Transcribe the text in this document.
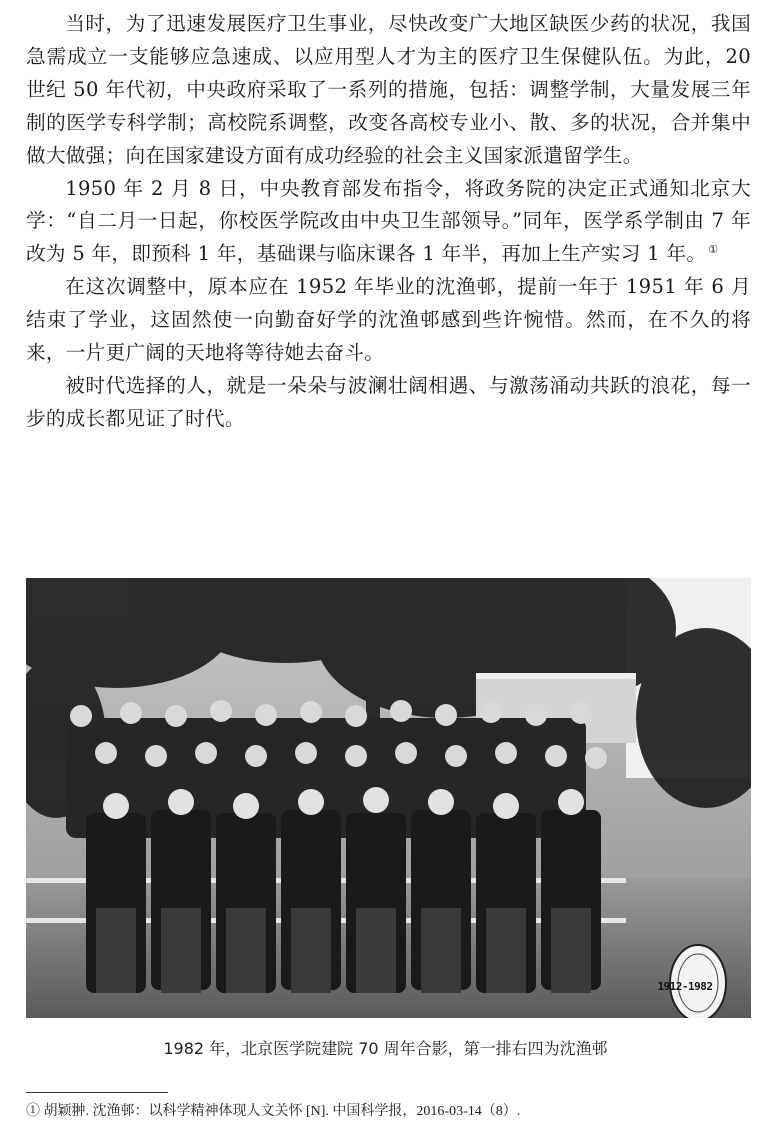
当时，为了迅速发展医疗卫生事业，尽快改变广大地区缺医少药的状况，我国急需成立一支能够应急速成、以应用型人才为主的医疗卫生保健队伍。为此，20 世纪 50 年代初，中央政府采取了一系列的措施，包括：调整学制，大量发展三年制的医学专科学制；高校院系调整，改变各高校专业小、散、多的状况，合并集中做大做强；向在国家建设方面有成功经验的社会主义国家派遣留学生。

1950 年 2 月 8 日，中央教育部发布指令，将政务院的决定正式通知北京大学：“自二月一日起，你校医学院改由中央卫生部领导。”同年，医学系学制由 7 年改为 5 年，即预科 1 年，基础课与临床课各 1 年半，再加上生产实习 1 年。 ①

在这次调整中，原本应在 1952 年毕业的沈渔邨，提前一年于 1951 年 6 月结束了学业，这固然使一向勤奋好学的沈渔邨感到些许惋惜。然而，在不久的将来，一片更广阔的天地将等待她去奋斗。

被时代选择的人，就是一朵朵与波澜壮阔相遇、与激荡涌动共跃的浪花，每一步的成长都见证了时代。

1912-1982
1982 年，北京医学院建院 70 周年合影，第一排右四为沈渔邨
① 胡颖翀. 沈渔邨：以科学精神体现人文关怀 [N]. 中国科学报，2016-03-14（8）.
